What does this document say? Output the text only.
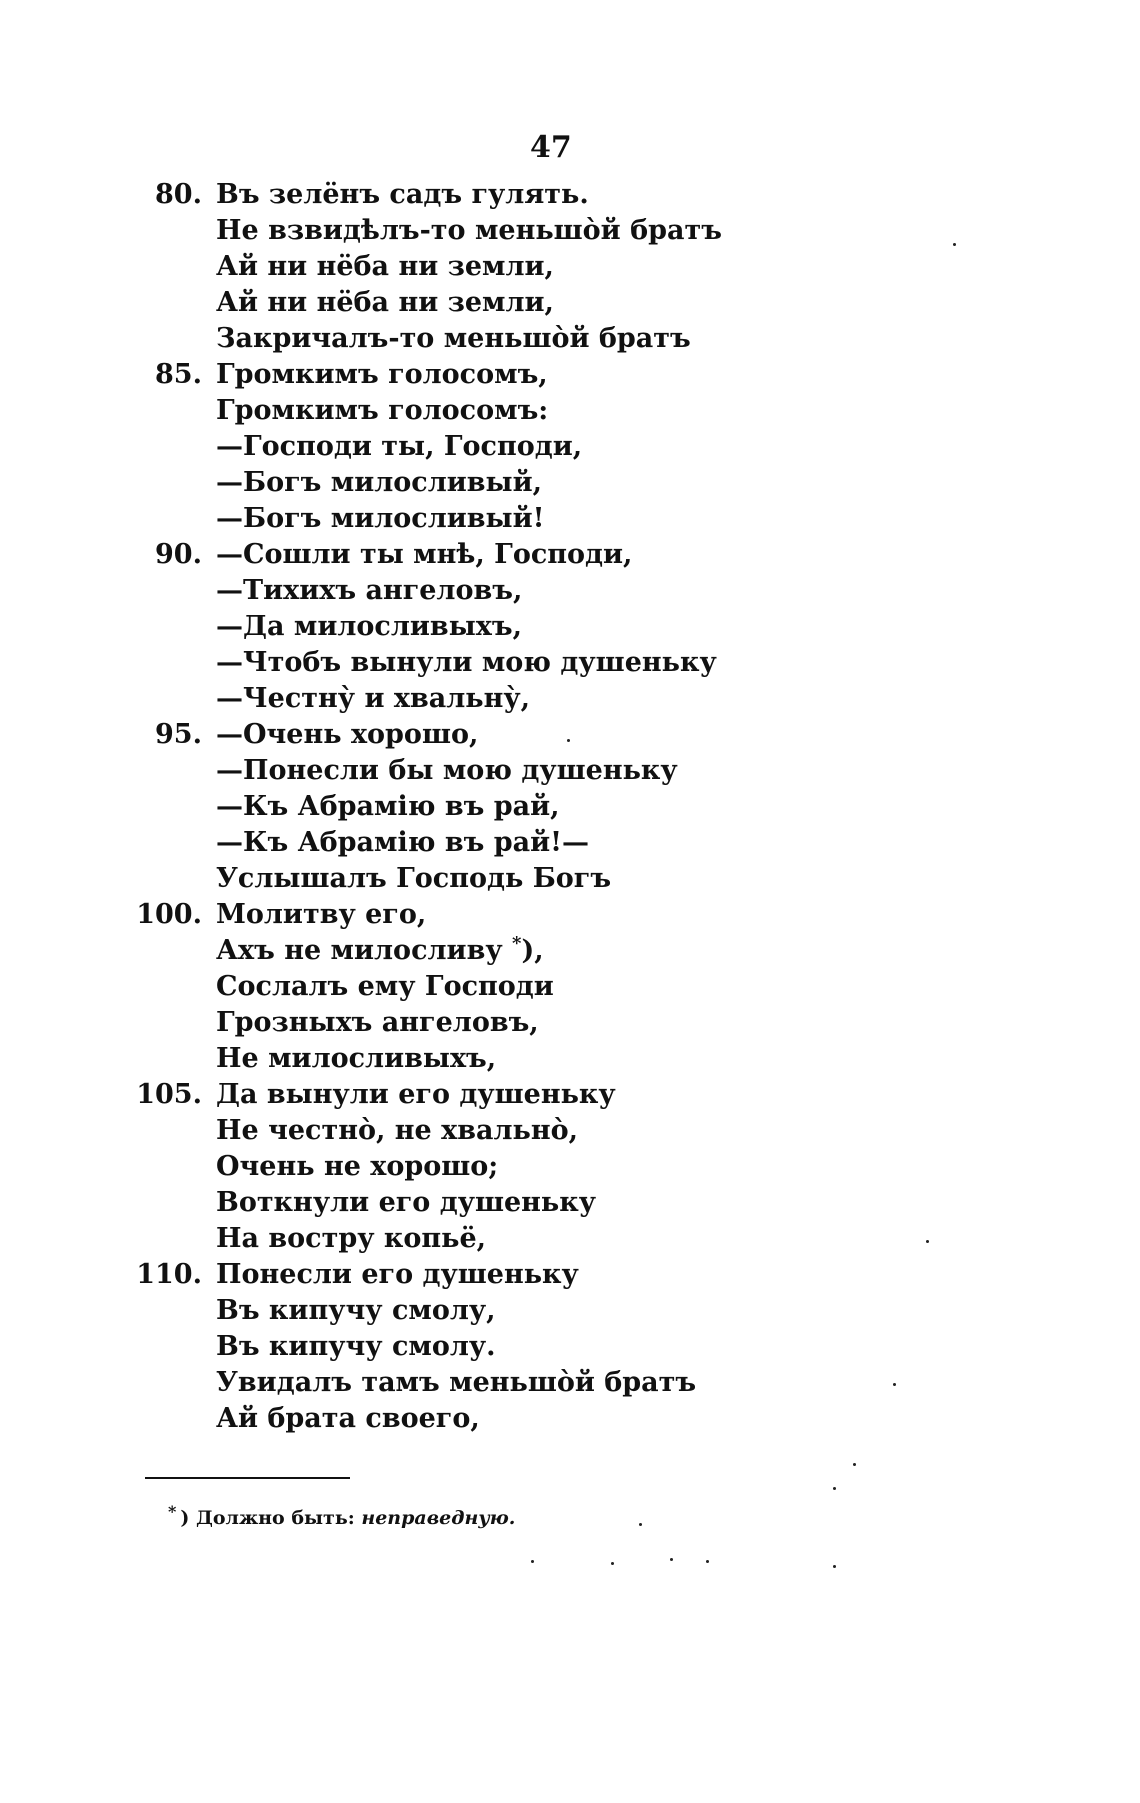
47
80. Въ зелёнъ садъ гулять.
Не взвидѣлъ-то меньшо̀й братъ
Ай ни нёба ни земли,
Ай ни нёба ни земли,
Закричалъ-то меньшо̀й братъ
85. Громкимъ голосомъ,
Громкимъ голосомъ:
—Господи ты, Господи,
—Богъ милосливый,
—Богъ милосливый!
90. —Сошли ты мнѣ, Господи,
—Тихихъ ангеловъ,
—Да милосливыхъ,
—Чтобъ вынули мою душеньку
—Честну̀ и хвальну̀,
95. —Очень хорошо,
—Понесли бы мою душеньку
—Къ Абрамію въ рай,
—Къ Абрамію въ рай!—
Услышалъ Господь Богъ
100. Молитву его,
Ахъ не милосливу *),
Сослалъ ему Господи
Грозныхъ ангеловъ,
Не милосливыхъ,
105. Да вынули его душеньку
Не честно̀, не хвально̀,
Очень не хорошо;
Воткнули его душеньку
На востру копьё,
110. Понесли его душеньку
Въ кипучу смолу,
Въ кипучу смолу.
Увидалъ тамъ меньшо̀й братъ
Ай брата своего,
* ) Должно быть: неправедную.
